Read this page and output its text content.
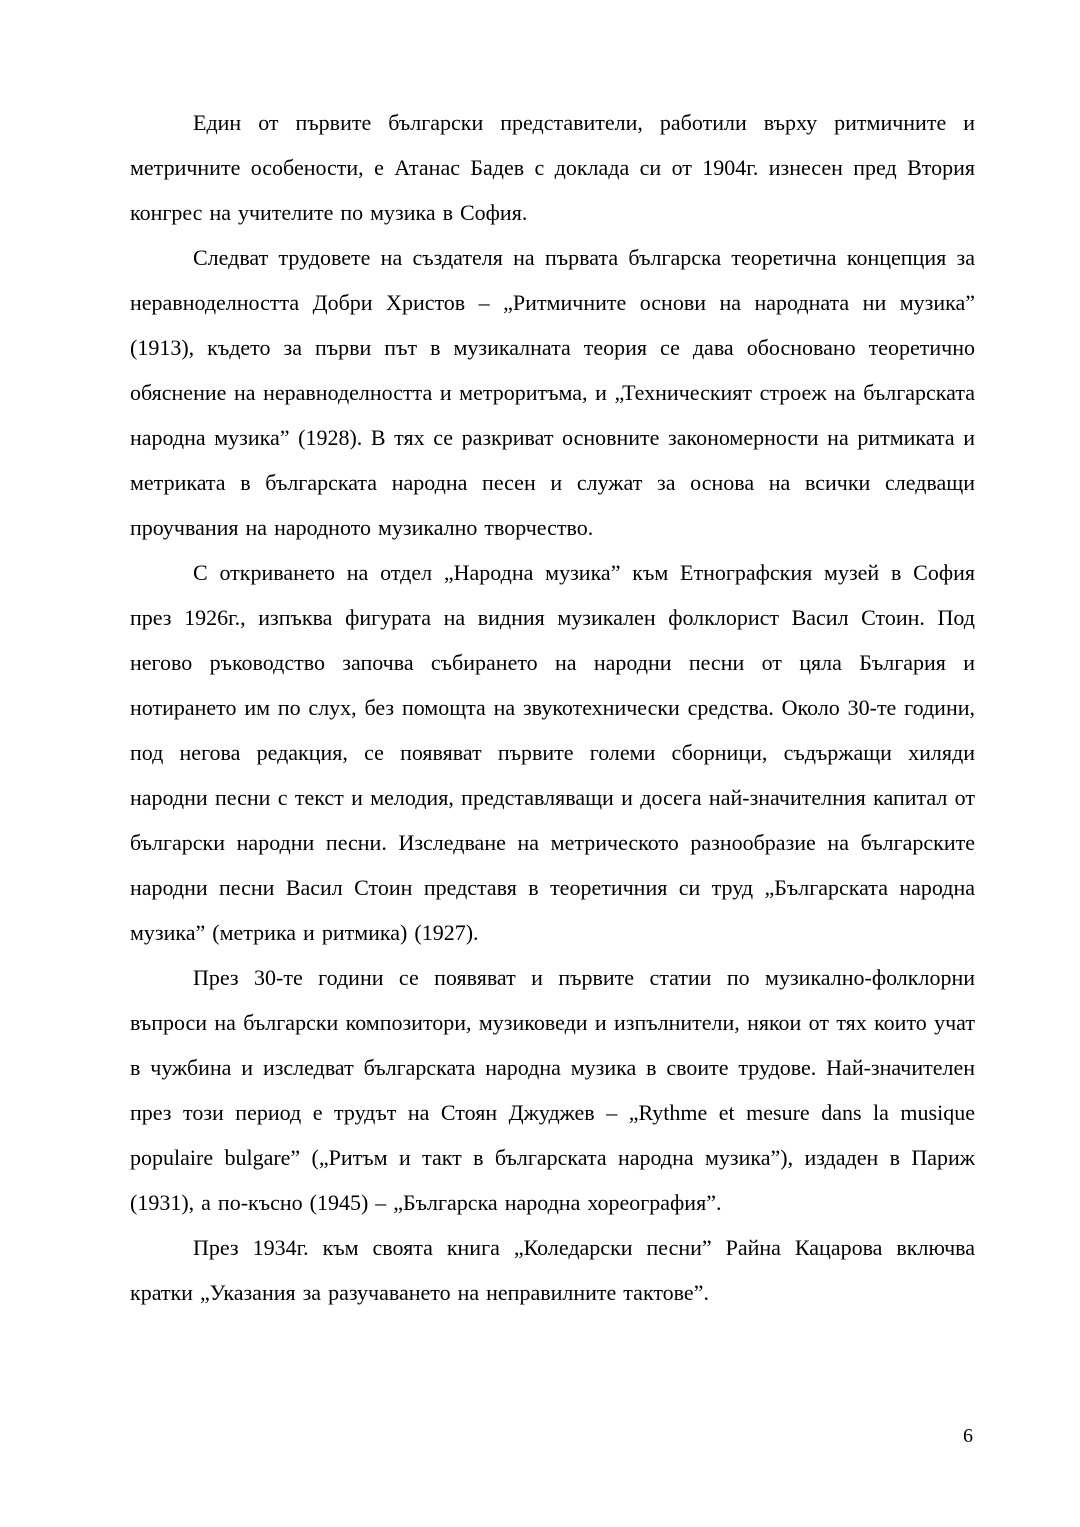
Един от първите български представители, работили върху ритмичните и метричните особености, е Атанас Бадев с доклада си от 1904г. изнесен пред Втория конгрес на учителите по музика в София.

Следват трудовете на създателя на първата българска теоретична концепция за неравноделността Добри Христов – „Ритмичните основи на народната ни музика” (1913), където за първи път в музикалната теория се дава обосновано теоретично обяснение на неравноделността и метроритъма, и „Техническият строеж на българската народна музика” (1928). В тях се разкриват основните закономерности на ритмиката и метриката в българската народна песен и служат за основа на всички следващи проучвания на народното музикално творчество.

С откриването на отдел „Народна музика” към Етнографския музей в София през 1926г., изпъква фигурата на видния музикален фолклорист Васил Стоин. Под негово ръководство започва събирането на народни песни от цяла България и нотирането им по слух, без помощта на звукотехнически средства. Около 30-те години, под негова редакция, се появяват първите големи сборници, съдържащи хиляди народни песни с текст и мелодия, представляващи и досега най-значителния капитал от български народни песни. Изследване на метрическото разнообразие на българските народни песни Васил Стоин представя в теоретичния си труд „Българската народна музика” (метрика и ритмика) (1927).

През 30-те години се появяват и първите статии по музикално-фолклорни въпроси на български композитори, музиковеди и изпълнители, някои от тях които учат в чужбина и изследват българската народна музика в своите трудове. Най-значителен през този период е трудът на Стоян Джуджев – „Rythme et mesure dans la musique populaire bulgare” („Ритъм и такт в българската народна музика”), издаден в Париж (1931), а по-късно (1945) – „Българска народна хореография”.

През 1934г. към своята книга „Коледарски песни” Райна Кацарова включва кратки „Указания за разучаването на неправилните тактове”.

6
